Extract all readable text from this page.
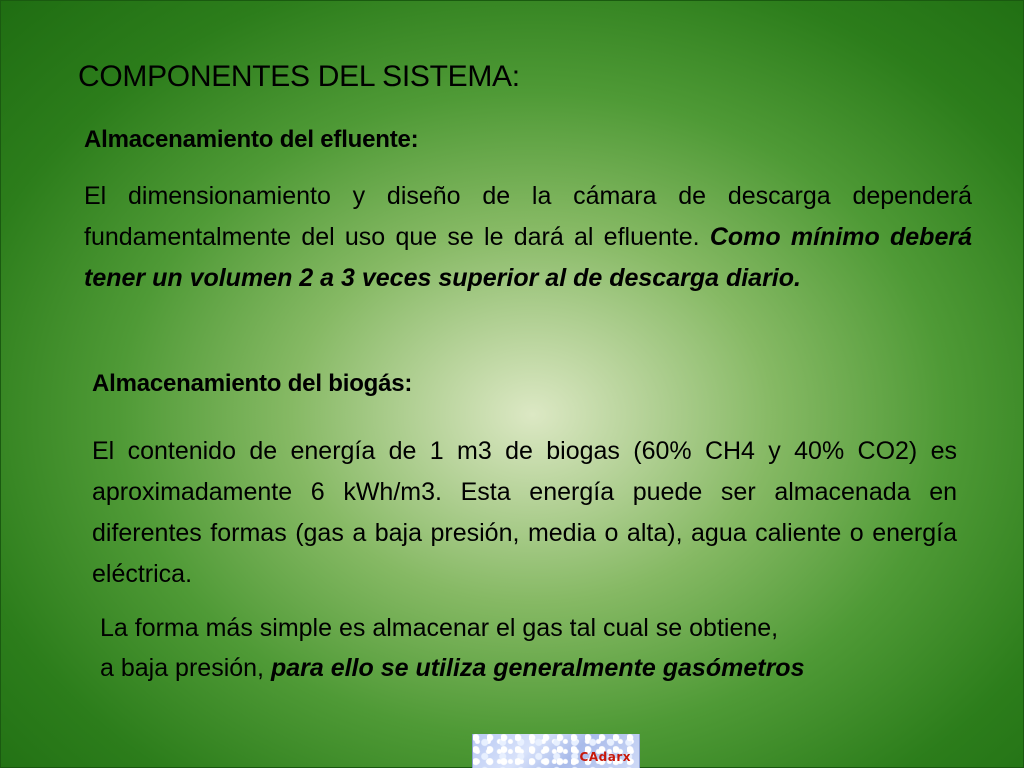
COMPONENTES DEL SISTEMA:
Almacenamiento del efluente:

El dimensionamiento y diseño de la cámara de descarga dependerá fundamentalmente del uso que se le dará al efluente. Como mínimo deberá tener un volumen 2 a 3 veces superior al de descarga diario.

Almacenamiento del biogás:

El contenido de energía de 1 m3 de biogas (60% CH4 y 40% CO2) es aproximadamente 6 kWh/m3. Esta energía puede ser almacenada en diferentes formas (gas a baja presión, media o alta), agua caliente o energía eléctrica.

La forma más simple es almacenar el gas tal cual se obtiene,
a baja presión, para ello se utiliza generalmente gasómetros

CAdarx
